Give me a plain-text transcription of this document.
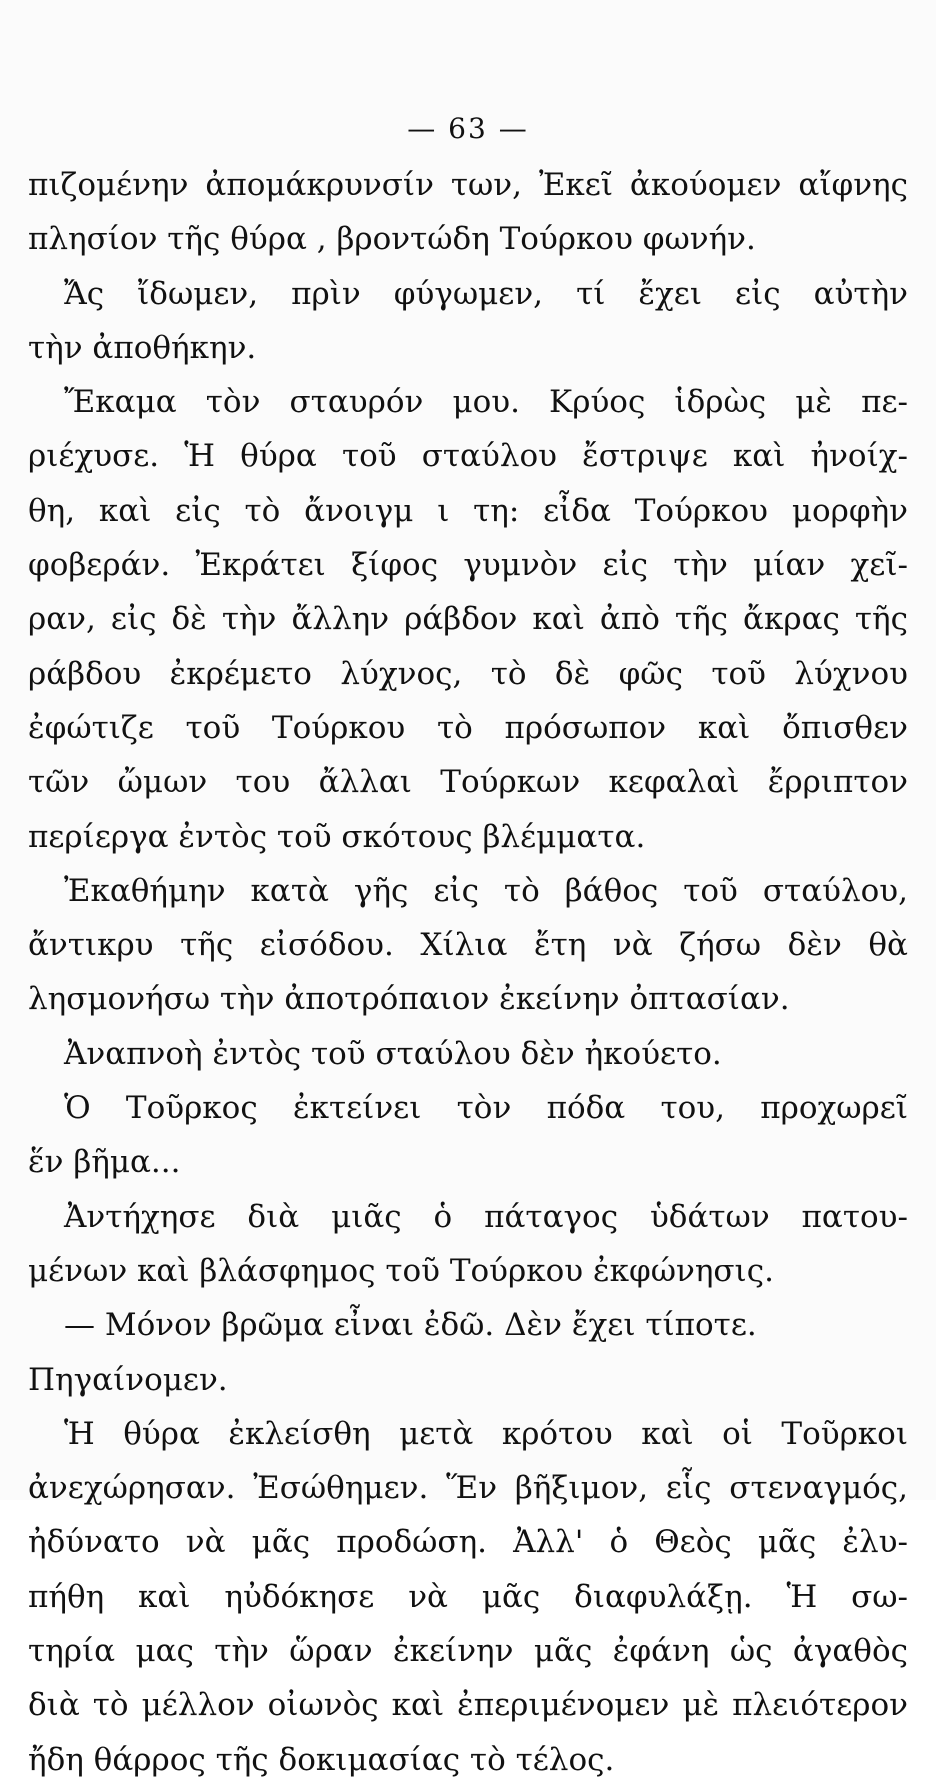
— 63 —
πιζομένην ἀπομάκρυνσίν των, Ἐκεῖ ἀκούομεν αἴφνης
πλησίον τῆς θύρα , βροντώδη Τούρκου φωνήν.
Ἄς ἴδωμεν, πρὶν φύγωμεν, τί ἔχει εἰς αὐτὴν
τὴν ἀποθήκην.
Ἔκαμα τὸν σταυρόν μου. Κρύος ἱδρὼς μὲ πε-
ριέχυσε. Ἡ θύρα τοῦ σταύλου ἔστριψε καὶ ἠνοίχ-
θη, καὶ εἰς τὸ ἄνοιγμ ι τη: εἶδα Τούρκου μορφὴν
φοβεράν. Ἐκράτει ξίφος γυμνὸν εἰς τὴν μίαν χεῖ-
ραν, εἰς δὲ τὴν ἄλλην ράβδον καὶ ἀπὸ τῆς ἄκρας τῆς
ράβδου ἐκρέμετο λύχνος, τὸ δὲ φῶς τοῦ λύχνου
ἐφώτιζε τοῦ Τούρκου τὸ πρόσωπον καὶ ὄπισθεν
τῶν ὤμων του ἄλλαι Τούρκων κεφαλαὶ ἔρριπτον
περίεργα ἐντὸς τοῦ σκότους βλέμματα.
Ἐκαθήμην κατὰ γῆς εἰς τὸ βάθος τοῦ σταύλου,
ἄντικρυ τῆς εἰσόδου. Χίλια ἔτη νὰ ζήσω δὲν θὰ
λησμονήσω τὴν ἀποτρόπαιον ἐκείνην ὀπτασίαν.
Ἀναπνοὴ ἐντὸς τοῦ σταύλου δὲν ἠκούετο.
Ὁ Τοῦρκος ἐκτείνει τὸν πόδα του, προχωρεῖ
ἕν βῆμα...
Ἀντήχησε διὰ μιᾶς ὁ πάταγος ὑδάτων πατου-
μένων καὶ βλάσφημος τοῦ Τούρκου ἐκφώνησις.
— Μόνον βρῶμα εἶναι ἐδῶ. Δὲν ἔχει τίποτε.
Πηγαίνομεν.
Ἡ θύρα ἐκλείσθη μετὰ κρότου καὶ οἱ Τοῦρκοι
ἀνεχώρησαν. Ἐσώθημεν. Ἕν βῆξιμον, εἷς στεναγμός,
ἠδύνατο νὰ μᾶς προδώση. Ἀλλ' ὁ Θεὸς μᾶς ἐλυ-
πήθη καὶ ηὐδόκησε νὰ μᾶς διαφυλάξῃ. Ἡ σω-
τηρία μας τὴν ὥραν ἐκείνην μᾶς ἐφάνη ὡς ἀγαθὸς
διὰ τὸ μέλλον οἰωνὸς καὶ ἐπεριμένομεν μὲ πλειότερον
ἤδη θάρρος τῆς δοκιμασίας τὸ τέλος.
